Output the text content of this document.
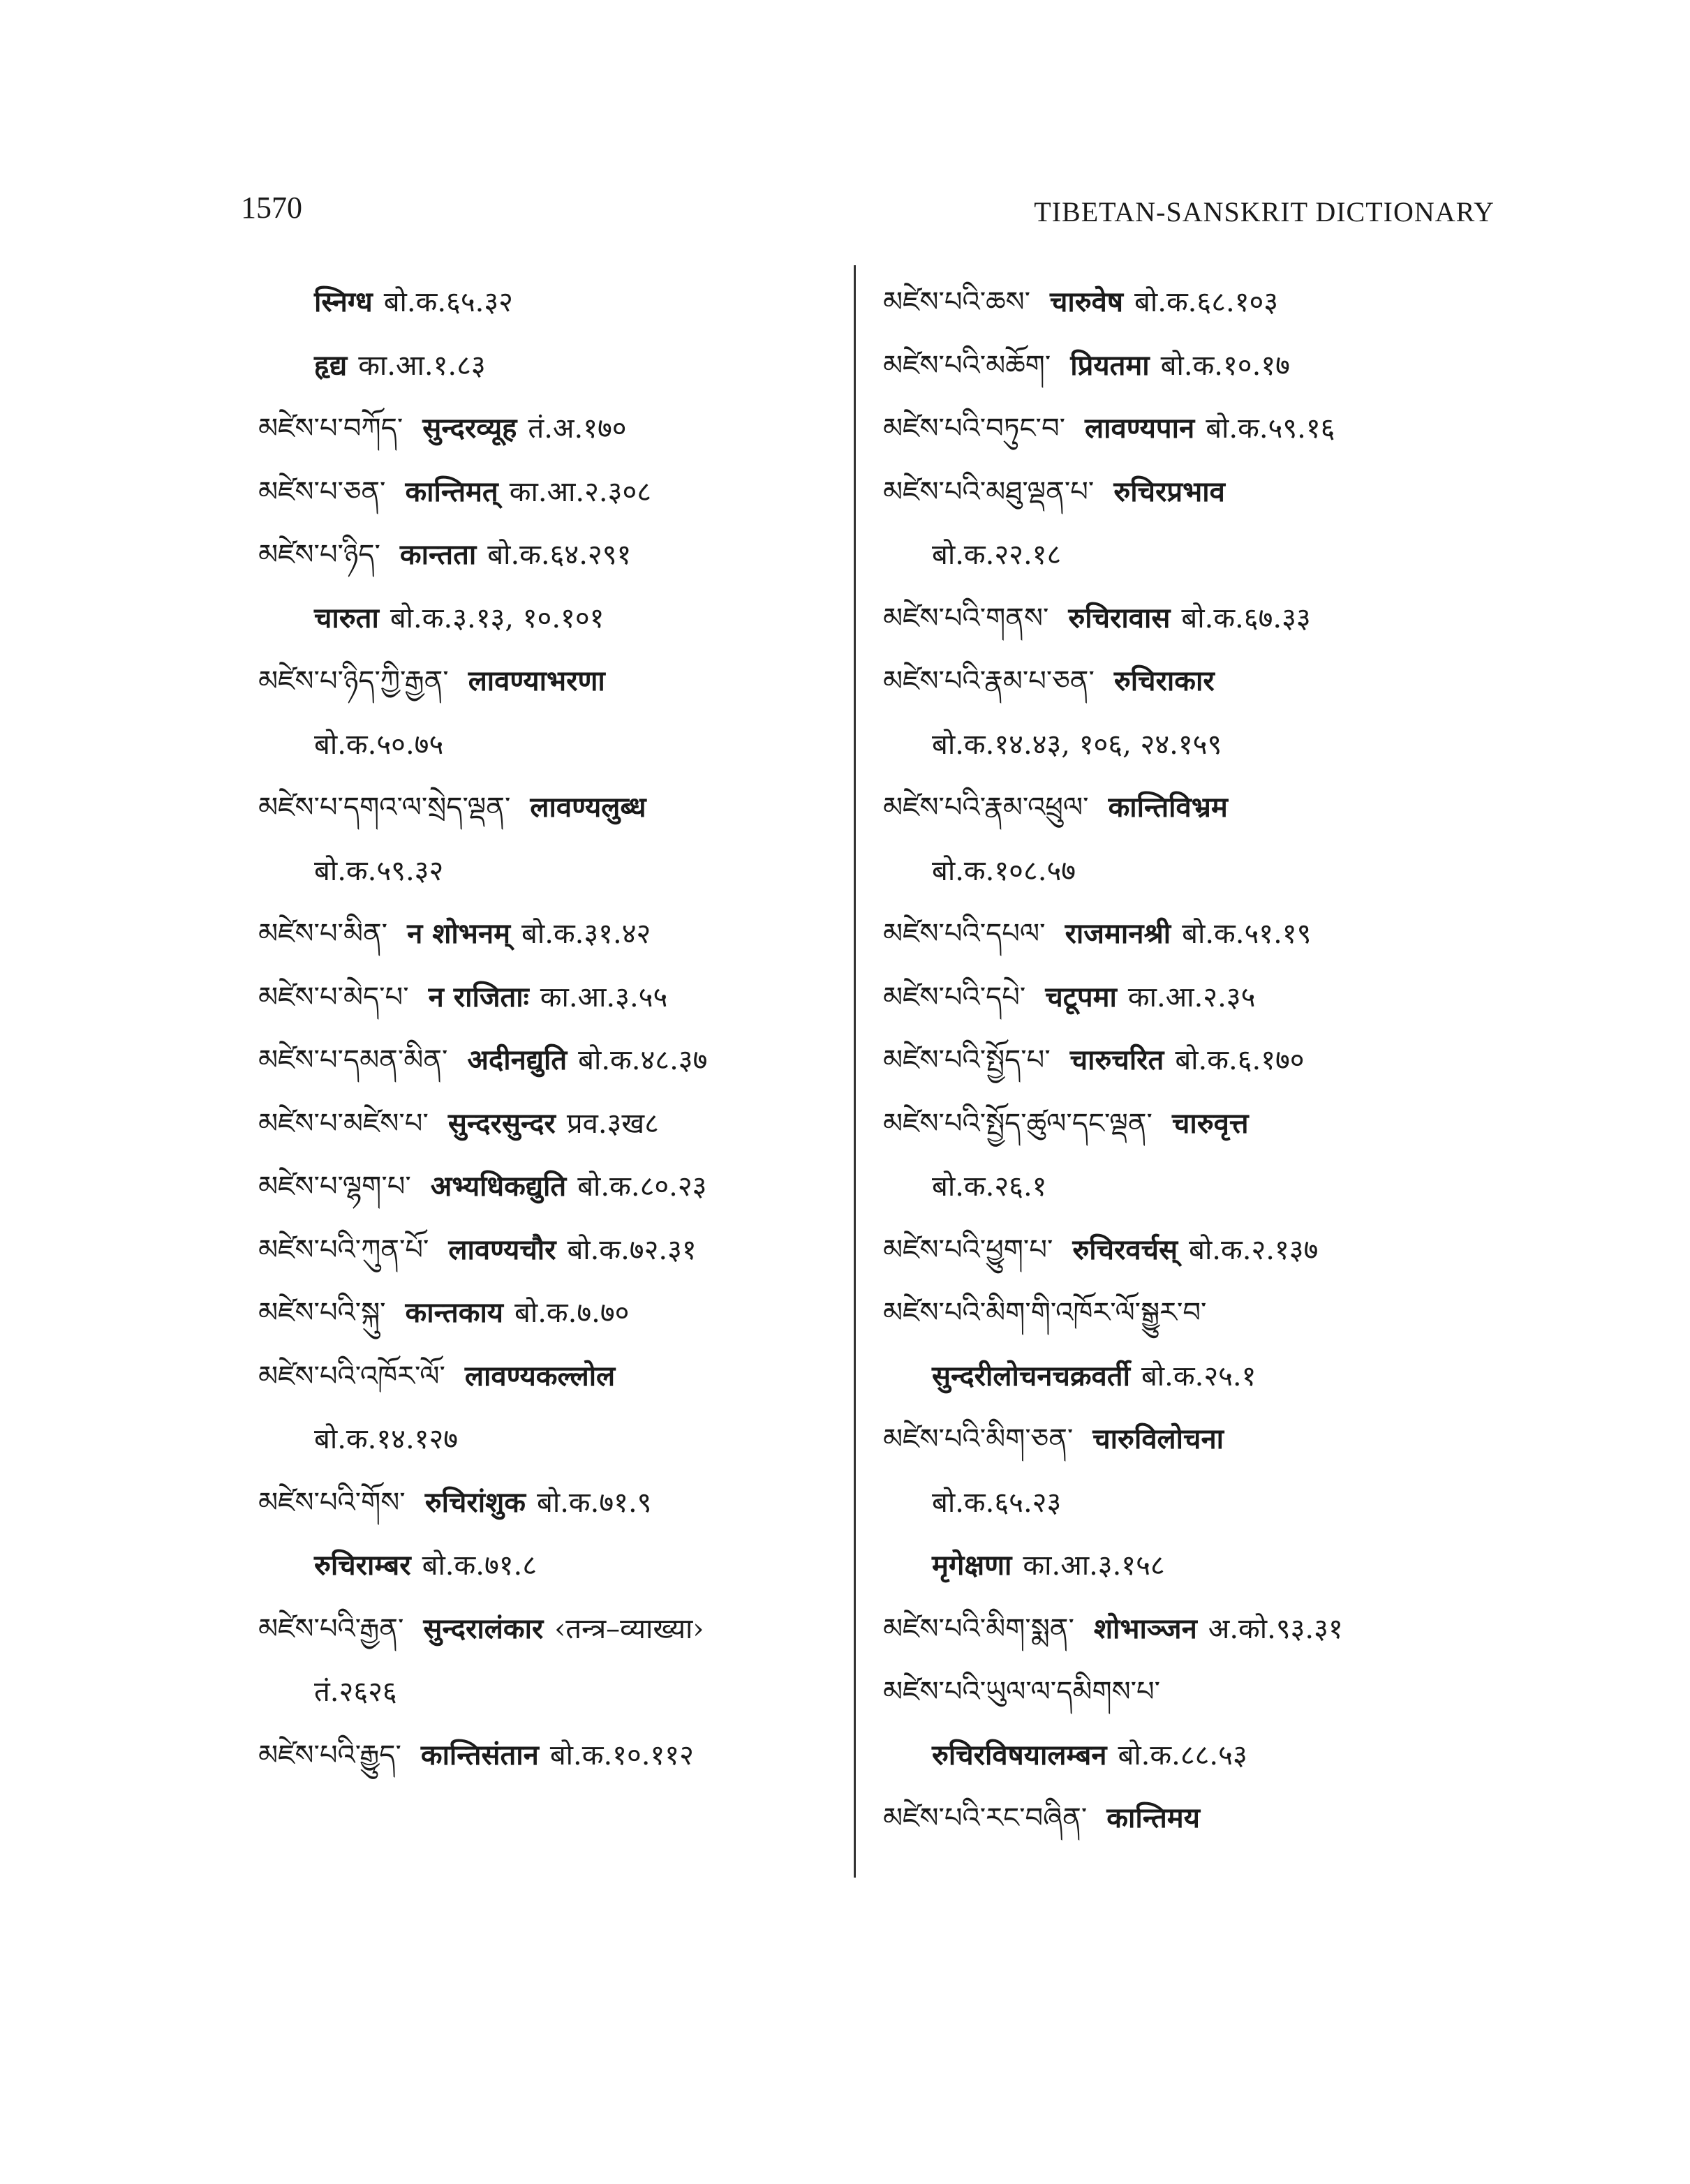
1570	TIBETAN-SANSKRIT DICTIONARY
स्निग्ध बो.क.६५.३२
हृद्य का.आ.१.८३
མཛེས་པ་བཀོད་ सुन्दरव्यूह तं.अ.१७०
མཛེས་པ་ཅན་ कान्तिमत् का.आ.२.३०८
མཛེས་པ་ཉིད་ कान्तता बो.क.६४.२९१
चारुता बो.क.३.१३, १०.१०१
མཛེས་པ་ཉིད་ཀྱི་རྒྱན་ लावण्याभरणा
बो.क.५०.७५
མཛེས་པ་དགའ་ལ་སྲེད་ལྡན་ लावण्यलुब्ध
बो.क.५९.३२
མཛེས་པ་མིན་ न शोभनम् बो.क.३१.४२
མཛེས་པ་མེད་པ་ न राजिताः का.आ.३.५५
མཛེས་པ་དམན་མིན་ अदीनद्युति बो.क.४८.३७
མཛེས་པ་མཛེས་པ་ सुन्दरसुन्दर प्रव.३ख८
མཛེས་པ་ལྷག་པ་ अभ्यधिकद्युति बो.क.८०.२३
མཛེས་པའི་ཀུན་པོ་ लावण्यचौर बो.क.७२.३१
མཛེས་པའི་སྐུ་ कान्तकाय बो.क.७.७०
མཛེས་པའི་འཁོར་ལོ་ लावण्यकल्लोल
बो.क.१४.१२७
མཛེས་པའི་གོས་ रुचिरांशुक बो.क.७१.९
रुचिराम्बर बो.क.७१.८
མཛེས་པའི་རྒྱན་ सुन्दरालंकार ‹तन्त्र–व्याख्या›
तं.२६२६
མཛེས་པའི་རྒྱུད་ कान्तिसंतान बो.क.१०.११२
མཛེས་པའི་ཆས་ चारुवेष बो.क.६८.१०३
མཛེས་པའི་མཆོག་ प्रियतमा बो.क.१०.१७
མཛེས་པའི་བཏུང་བ་ लावण्यपान बो.क.५९.१६
མཛེས་པའི་མཐུ་ལྡན་པ་ रुचिरप्रभाव
बो.क.२२.१८
མཛེས་པའི་གནས་ रुचिरावास बो.क.६७.३३
མཛེས་པའི་རྣམ་པ་ཅན་ रुचिराकार
बो.क.१४.४३, १०६, २४.१५९
མཛེས་པའི་རྣམ་འཕྲུལ་ कान्तिविभ्रम
बो.क.१०८.५७
མཛེས་པའི་དཔལ་ राजमानश्री बो.क.५१.१९
མཛེས་པའི་དཔེ་ चटूपमा का.आ.२.३५
མཛེས་པའི་སྤྱོད་པ་ चारुचरित बो.क.६.१७०
མཛེས་པའི་སྤྱོད་ཚུལ་དང་ལྡན་ चारुवृत्त
बो.क.२६.१
མཛེས་པའི་ཕྱུག་པ་ रुचिरवर्चस् बो.क.२.१३७
མཛེས་པའི་མིག་གི་འཁོར་ལོ་སྒྱུར་བ་
सुन्दरीलोचनचक्रवर्ती बो.क.२५.१
མཛེས་པའི་མིག་ཅན་ चारुविलोचना
बो.क.६५.२३
मृगेक्षणा का.आ.३.१५८
མཛེས་པའི་མིག་སྨན་ शोभाञ्जन अ.को.९३.३१
མཛེས་པའི་ཡུལ་ལ་དམིགས་པ་
रुचिरविषयालम्बन बो.क.८८.५३
མཛེས་པའི་རང་བཞིན་ कान्तिमय
